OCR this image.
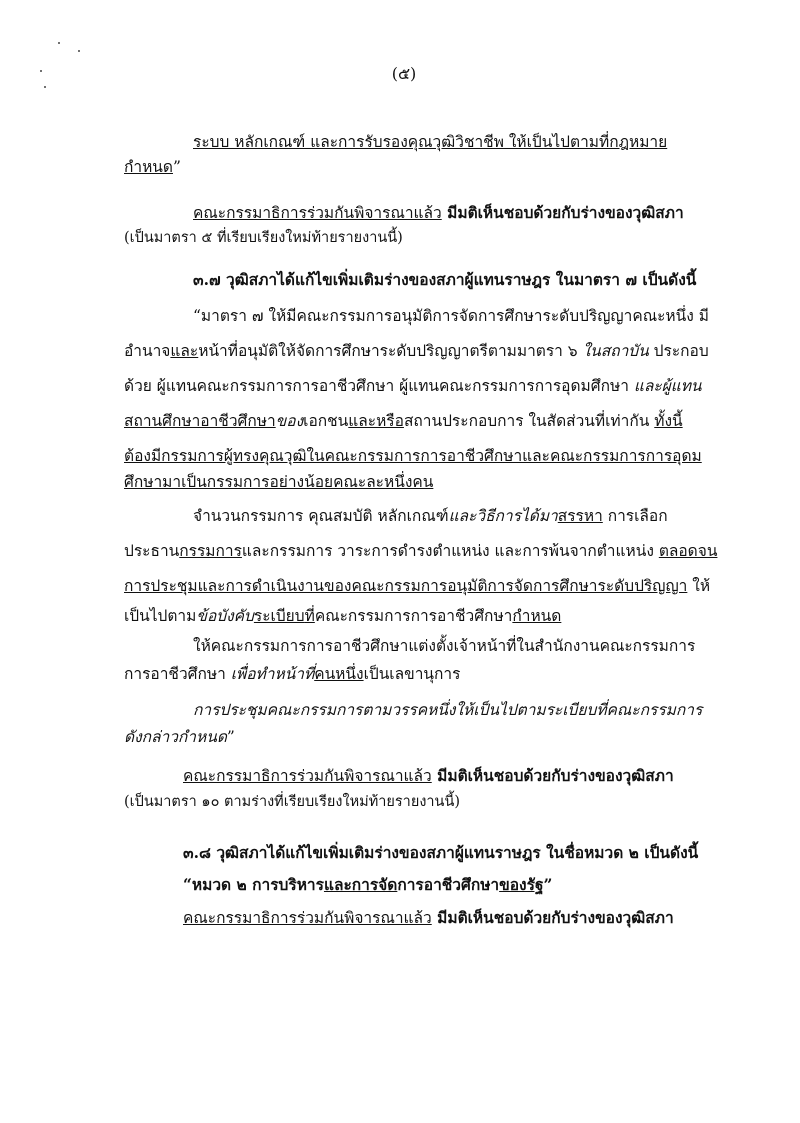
(๕)
ระบบ หลักเกณฑ์ และการรับรองคุณวุฒิวิชาชีพ ให้เป็นไปตามที่กฎหมาย
กำหนด”
คณะกรรมาธิการร่วมกันพิจารณาแล้ว มีมติเห็นชอบด้วยกับร่างของวุฒิสภา
(เป็นมาตรา ๕ ที่เรียบเรียงใหม่ท้ายรายงานนี้)
๓.๗ วุฒิสภาได้แก้ไขเพิ่มเติมร่างของสภาผู้แทนราษฎร ในมาตรา ๗ เป็นดังนี้
“มาตรา ๗ ให้มีคณะกรรมการอนุมัติการจัดการศึกษาระดับปริญญาคณะหนึ่ง มี
อำนาจและหน้าที่อนุมัติให้จัดการศึกษาระดับปริญญาตรีตามมาตรา ๖ ในสถาบัน ประกอบ
ด้วย ผู้แทนคณะกรรมการการอาชีวศึกษา ผู้แทนคณะกรรมการการอุดมศึกษา และผู้แทน
สถานศึกษาอาชีวศึกษาของเอกชนและหรือสถานประกอบการ ในสัดส่วนที่เท่ากัน ทั้งนี้
ต้องมีกรรมการผู้ทรงคุณวุฒิในคณะกรรมการการอาชีวศึกษาและคณะกรรมการการอุดม
ศึกษามาเป็นกรรมการอย่างน้อยคณะละหนึ่งคน
จำนวนกรรมการ คุณสมบัติ หลักเกณฑ์และวิธีการได้มาสรรหา การเลือก
ประธานกรรมการและกรรมการ วาระการดำรงตำแหน่ง และการพ้นจากตำแหน่ง ตลอดจน
การประชุมและการดำเนินงานของคณะกรรมการอนุมัติการจัดการศึกษาระดับปริญญา ให้
เป็นไปตามข้อบังคับระเบียบที่คณะกรรมการการอาชีวศึกษากำหนด
ให้คณะกรรมการการอาชีวศึกษาแต่งตั้งเจ้าหน้าที่ในสำนักงานคณะกรรมการ
การอาชีวศึกษา เพื่อทำหน้าที่คนหนึ่งเป็นเลขานุการ
การประชุมคณะกรรมการตามวรรคหนึ่งให้เป็นไปตามระเบียบที่คณะกรรมการ
ดังกล่าวกำหนด”
คณะกรรมาธิการร่วมกันพิจารณาแล้ว มีมติเห็นชอบด้วยกับร่างของวุฒิสภา
(เป็นมาตรา ๑๐ ตามร่างที่เรียบเรียงใหม่ท้ายรายงานนี้)
๓.๘ วุฒิสภาได้แก้ไขเพิ่มเติมร่างของสภาผู้แทนราษฎร ในชื่อหมวด ๒ เป็นดังนี้
“หมวด ๒ การบริหารและการจัดการอาชีวศึกษาของรัฐ”
คณะกรรมาธิการร่วมกันพิจารณาแล้ว มีมติเห็นชอบด้วยกับร่างของวุฒิสภา
